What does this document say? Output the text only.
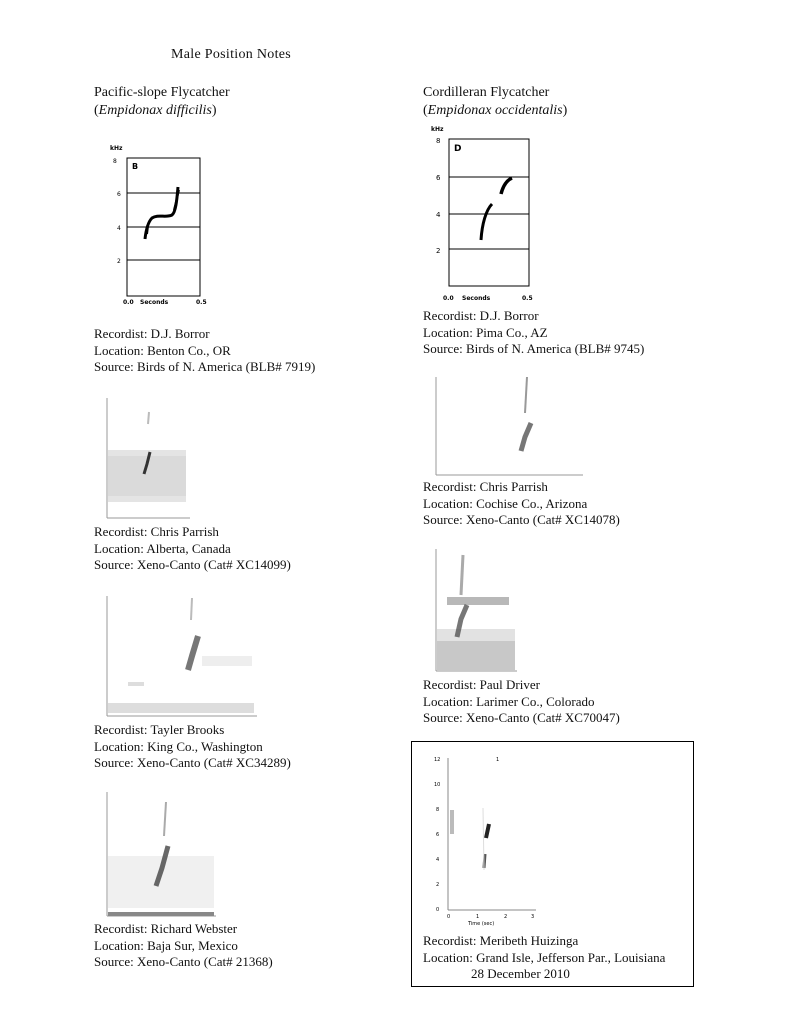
Male Position Notes
Pacific-slope Flycatcher
(Empidonax difficilis)
Cordilleran Flycatcher
(Empidonax occidentalis)
kHz
8
6
4
2
B
0.0 Seconds	0.5
kHz
8
6
4
2
D
0.0 Seconds	0.5
Recordist: D.J. Borror
Location: Benton Co., OR
Source: Birds of N. America (BLB# 7919)
Recordist: Chris Parrish
Location: Alberta, Canada
Source: Xeno-Canto (Cat# XC14099)
Recordist: Tayler Brooks
Location: King Co., Washington
Source: Xeno-Canto (Cat# XC34289)
Recordist: Richard Webster
Location: Baja Sur, Mexico
Source: Xeno-Canto (Cat# 21368)
Recordist: D.J. Borror
Location: Pima Co., AZ
Source: Birds of N. America (BLB# 9745)
Recordist: Chris Parrish
Location: Cochise Co., Arizona
Source: Xeno-Canto (Cat# XC14078)
Recordist: Paul Driver
Location: Larimer Co., Colorado
Source: Xeno-Canto (Cat# XC70047)
12
10
8
6
4
2
0
0	1	2	3
Time (sec)
1
Recordist: Meribeth Huizinga
Location: Grand Isle, Jefferson Par., Louisiana
28 December 2010
